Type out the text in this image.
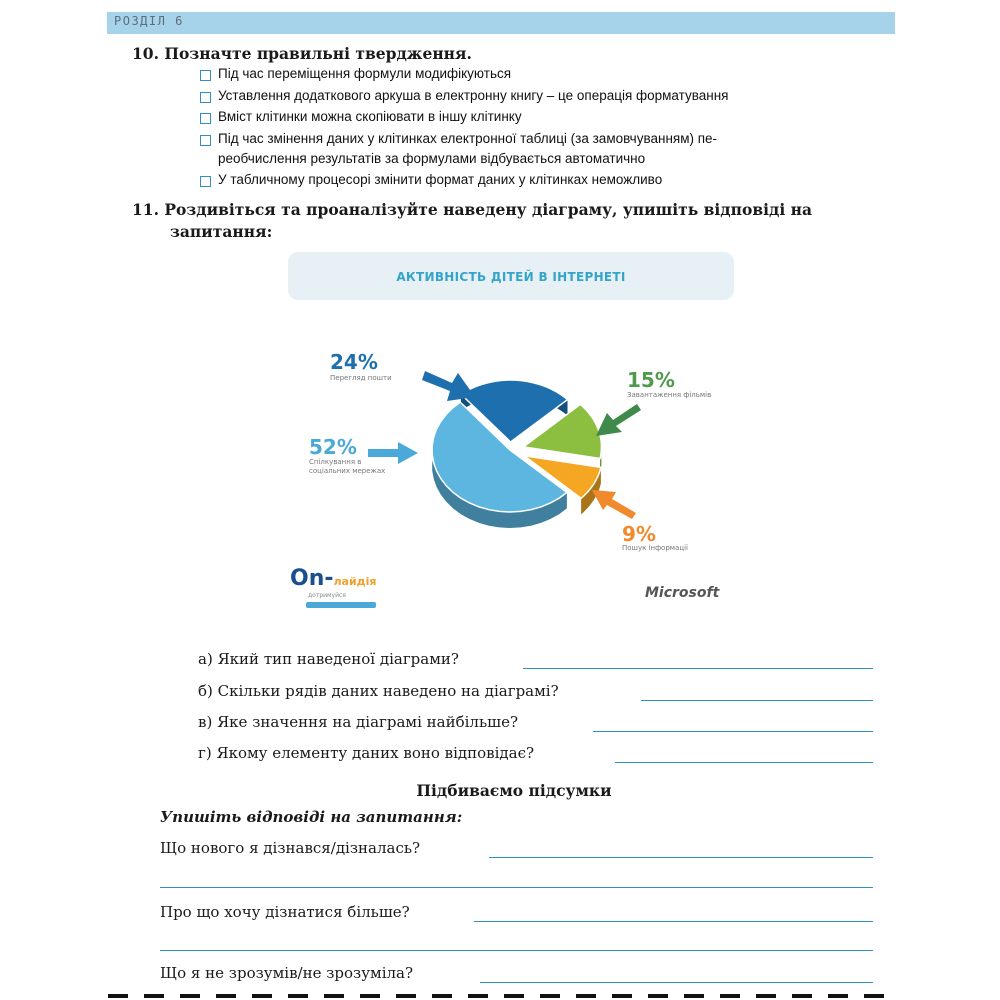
РОЗДІЛ 6
10. Позначте правильні твердження.
Під час переміщення формули модифікуються
Уставлення додаткового аркуша в електронну книгу – це операція форматування
Вміст клітинки можна скопіювати в іншу клітинку
Під час змінення даних у клітинках електронної таблиці (за замовчуванням) пе-
реобчислення результатів за формулами відбувається автоматично
У табличному процесорі змінити формат даних у клітинках неможливо
11. Роздивіться та проаналізуйте наведену діаграму, упишіть відповіді на
запитання:
АКТИВНІСТЬ ДІТЕЙ В ІНТЕРНЕТІ
24%
Перегляд пошти	15%
Завантаження фільмів
9%
Пошук інформації
52%
Спілкування в соціальних мережах
On-лайдія
дотримуйся	Microsoft
а) Який тип наведеної діаграми?
б) Скільки рядів даних наведено на діаграмі?
в) Яке значення на діаграмі найбільше?
г) Якому елементу даних воно відповідає?
Підбиваємо підсумки
Упишіть відповіді на запитання:
Що нового я дізнався/дізналась?
Про що хочу дізнатися більше?
Що я не зрозумів/не зрозуміла?
